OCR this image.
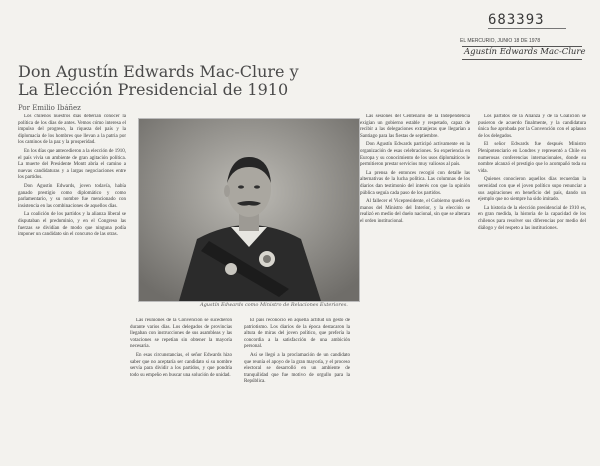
683393
EL MERCURIO, JUNIO 18 DE 1978
Agustín Edwards Mac-Clure
Don Agustín Edwards Mac-Clure y
La Elección Presidencial de 1910
Por Emilio Ibáñez

Los chilenos nuestros días deberían conocer la política de los días de antes. Vemos cómo interesa el impulso del progreso, la riqueza del país y la diplomacia de los hombres que llevan a la patria por los caminos de la paz y la prosperidad.

En los días que antecedieron a la elección de 1910, el país vivía un ambiente de gran agitación política. La muerte del Presidente Montt abría el camino a nuevas candidaturas y a largas negociaciones entre los partidos.

Don Agustín Edwards, joven todavía, había ganado prestigio como diplomático y como parlamentario, y su nombre fue mencionado con insistencia en las combinaciones de aquellos días.

La coalición de los partidos y la alianza liberal se disputaban el predominio, y en el Congreso las fuerzas se dividían de modo que ninguna podía imponer un candidato sin el concurso de las otras.

Agustín Edwards como Ministro de Relaciones Exteriores.

Las reuniones de la Convención se sucedieron durante varios días. Los delegados de provincias llegaban con instrucciones de sus asambleas y las votaciones se repetían sin obtener la mayoría necesaria.

En esas circunstancias, el señor Edwards hizo saber que no aceptaría ser candidato si su nombre servía para dividir a los partidos, y que pondría todo su empeño en buscar una solución de unidad.

El país reconoció en aquella actitud un gesto de patriotismo. Los diarios de la época destacaron la altura de miras del joven político, que prefería la concordia a la satisfacción de una ambición personal.

Así se llegó a la proclamación de un candidato que reunía el apoyo de la gran mayoría, y el proceso electoral se desarrolló en un ambiente de tranquilidad que fue motivo de orgullo para la República.

Las sesiones del Centenario de la Independencia exigían un gobierno estable y respetado, capaz de recibir a las delegaciones extranjeras que llegarían a Santiago para las fiestas de septiembre.

Don Agustín Edwards participó activamente en la organización de esas celebraciones. Su experiencia en Europa y su conocimiento de los usos diplomáticos le permitieron prestar servicios muy valiosos al país.

La prensa de entonces recogió con detalle las alternativas de la lucha política. Las columnas de los diarios dan testimonio del interés con que la opinión pública seguía cada paso de los partidos.

Al fallecer el Vicepresidente, el Gobierno quedó en manos del Ministro del Interior, y la elección se realizó en medio del duelo nacional, sin que se alterara el orden institucional.

Los partidos de la Alianza y de la Coalición se pusieron de acuerdo finalmente, y la candidatura única fue aprobada por la Convención con el aplauso de los delegados.

El señor Edwards fue después Ministro Plenipotenciario en Londres y representó a Chile en numerosas conferencias internacionales, donde su nombre alcanzó el prestigio que lo acompañó toda su vida.

Quienes conocieron aquellos días recuerdan la serenidad con que el joven político supo renunciar a sus aspiraciones en beneficio del país, dando un ejemplo que no siempre ha sido imitado.

La historia de la elección presidencial de 1910 es, en gran medida, la historia de la capacidad de los chilenos para resolver sus diferencias por medio del diálogo y del respeto a las instituciones.
